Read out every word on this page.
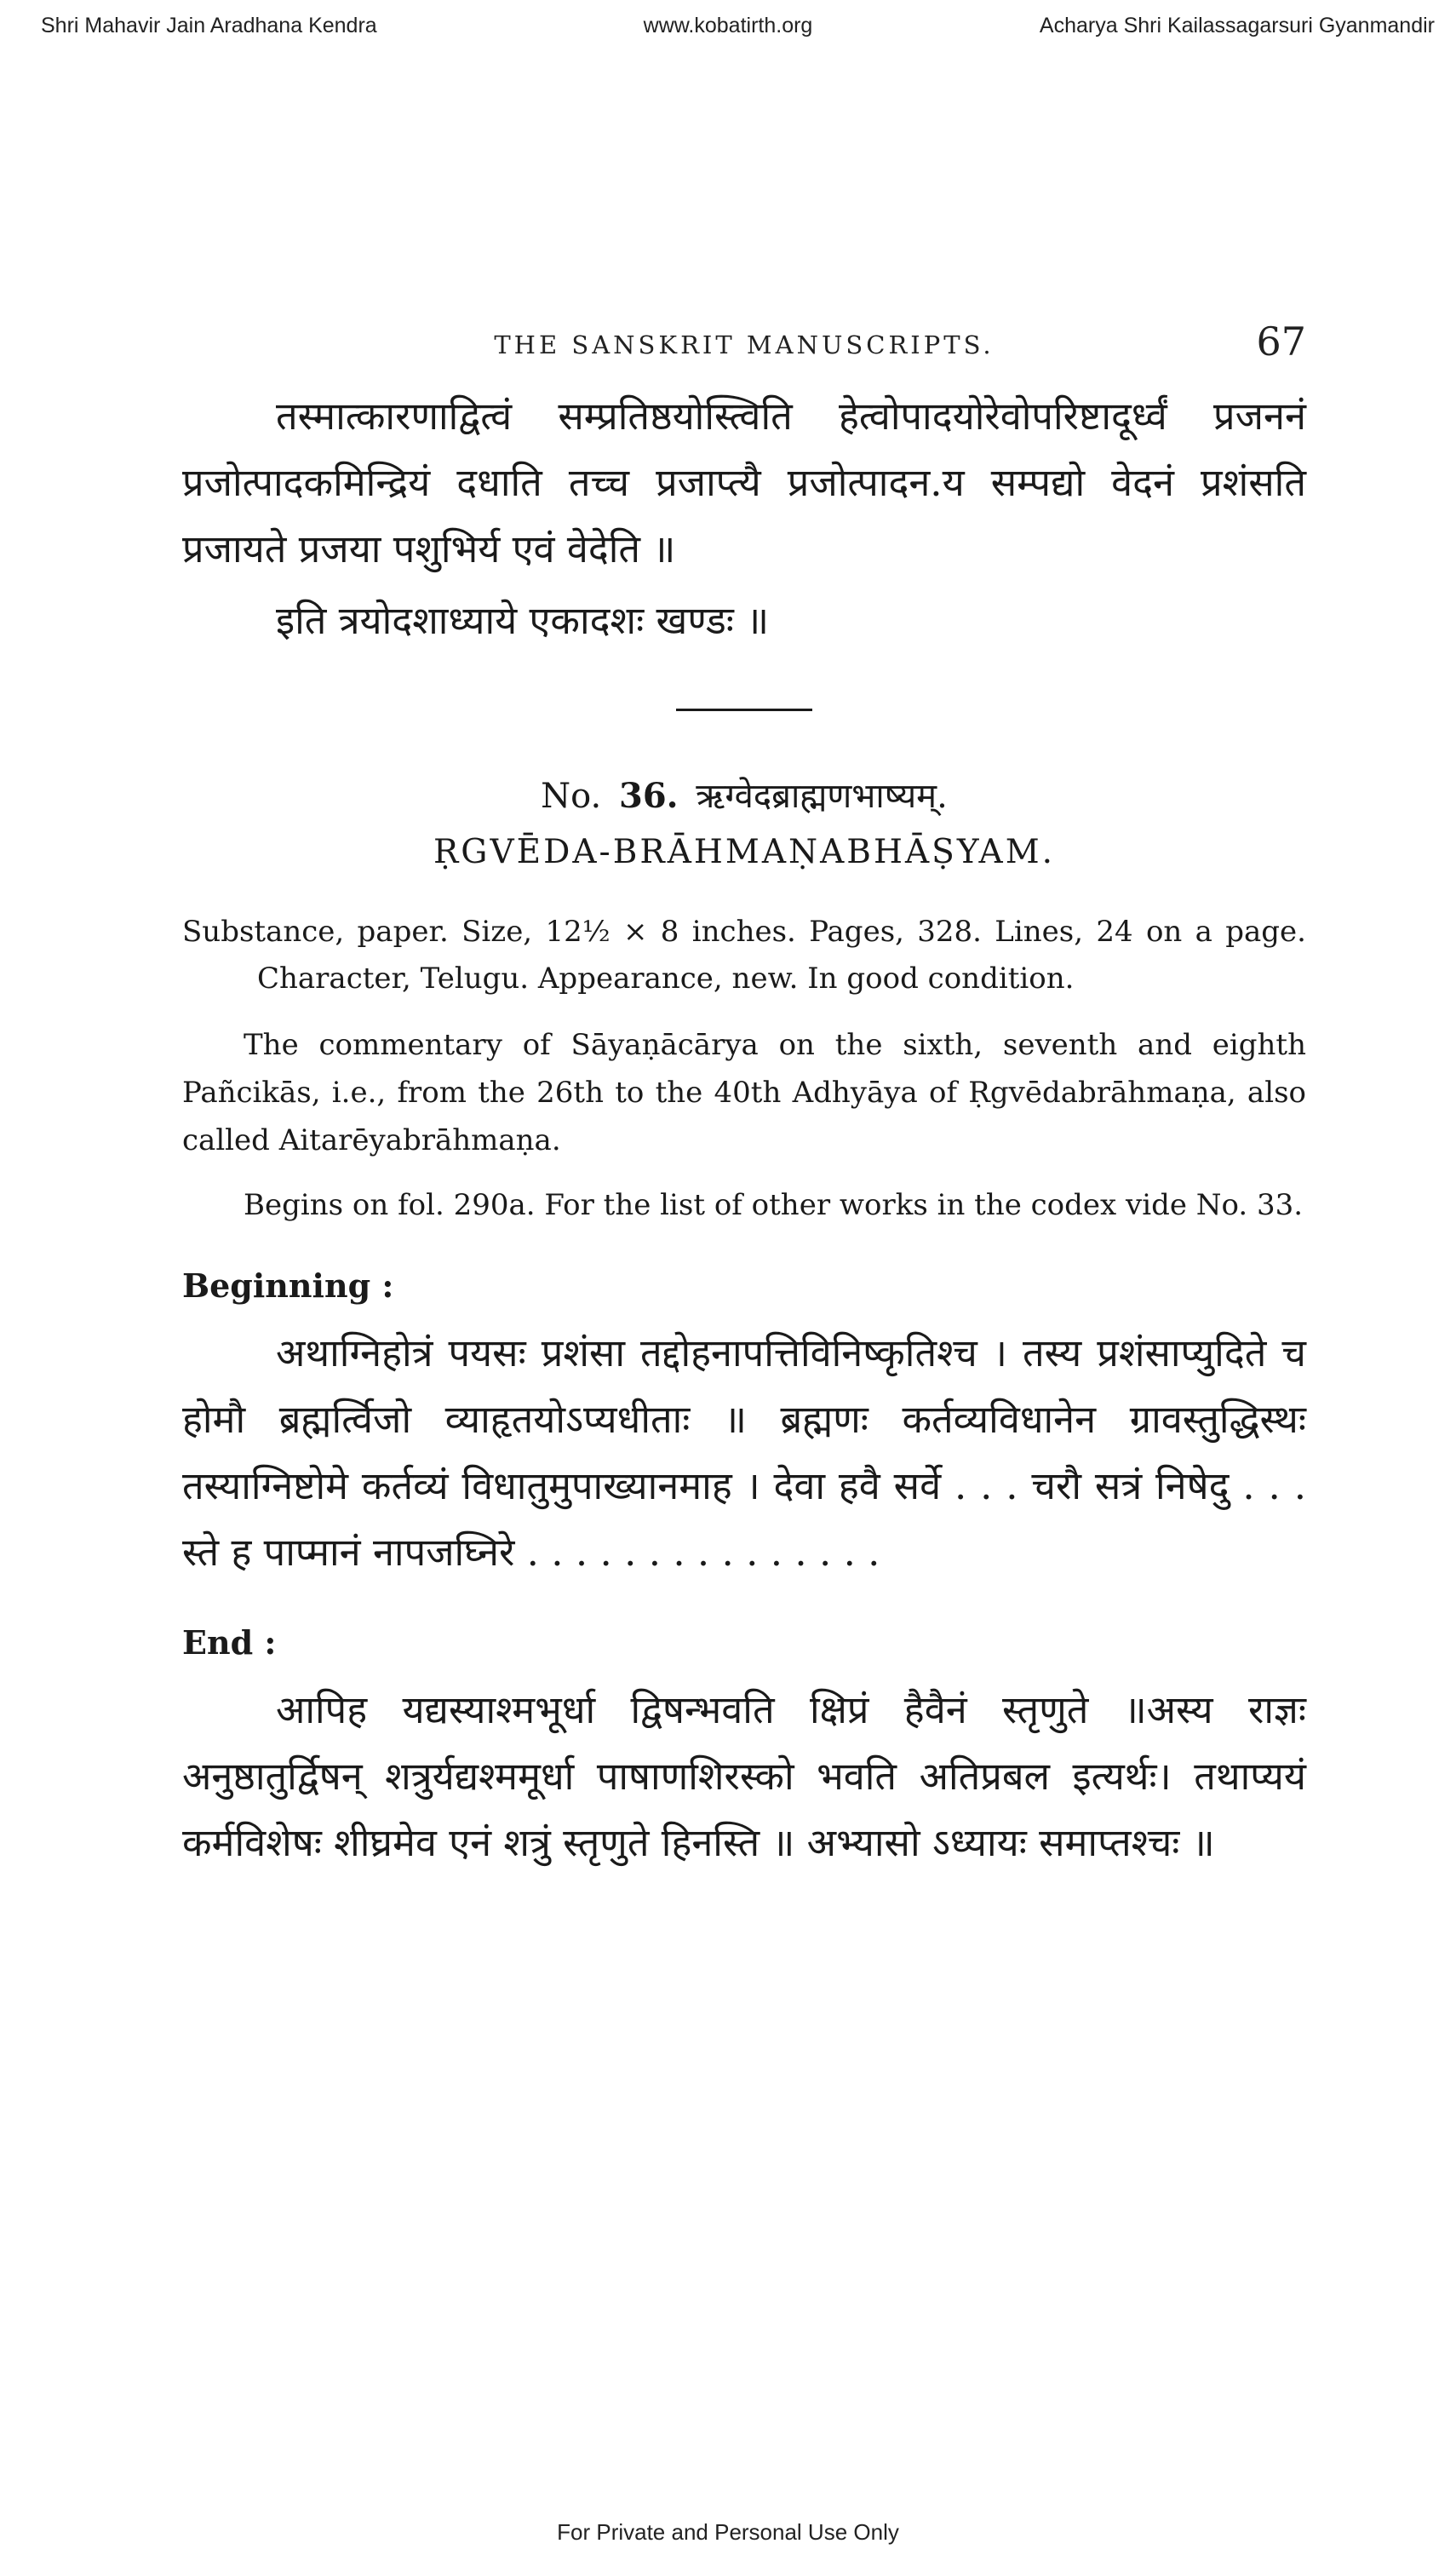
Shri Mahavir Jain Aradhana Kendra	www.kobatirth.org	Acharya Shri Kailassagarsuri Gyanmandir
THE SANSKRIT MANUSCRIPTS.	67

तस्मात्कारणाद्वित्वं सम्प्रतिष्ठयोस्त्विति हेत्वोपादयोरेवोपरिष्टादूर्ध्वं प्रजननं प्रजोत्पादकमिन्द्रियं दधाति तच्च प्रजाप्त्यै प्रजोत्पादन.य सम्पद्यो वेदनं प्रशंसति प्रजायते प्रजया पशुभिर्य एवं वेदेति ॥

इति त्रयोदशाध्याये एकादशः खण्डः ॥

No. 36. ऋग्वेदब्राह्मणभाष्यम्.
ṚGVĒDA-BRĀHMAṆABHĀṢYAM.

Substance, paper. Size, 12½ × 8 inches. Pages, 328. Lines, 24 on a page. Character, Telugu. Appearance, new. In good condition.

The commentary of Sāyaṇācārya on the sixth, seventh and eighth Pañcikās, i.e., from the 26th to the 40th Adhyāya of Ṛgvēdabrāhmaṇa, also called Aitarēyabrāhmaṇa.

Begins on fol. 290a. For the list of other works in the codex vide No. 33.

Beginning :

अथाग्निहोत्रं पयसः प्रशंसा तद्दोहनापत्तिविनिष्कृतिश्च । तस्य प्रशंसाप्युदिते च होमौ ब्रह्मर्त्विजो व्याहृतयोऽप्यधीताः ॥ ब्रह्मणः कर्तव्यविधानेन ग्रावस्तुद्धिस्थः तस्याग्निष्टोमे कर्तव्यं विधातुमुपाख्यानमाह । देवा हवै सर्वे . . . चरौ सत्रं निषेदु . . . स्ते ह पाप्मानं नापजघ्निरे . . . . . . . . . . . . . . .

End :

आपिह यद्यस्याश्मभूर्धा द्विषन्भवति क्षिप्रं हैवैनं स्तृणुते ॥अस्य राज्ञः अनुष्ठातुर्द्विषन् शत्रुर्यद्यश्ममूर्धा पाषाणशिरस्को भवति अतिप्रबल इत्यर्थः। तथाप्ययं कर्मविशेषः शीघ्रमेव एनं शत्रुं स्तृणुते हिनस्ति ॥ अभ्यासो ऽध्यायः समाप्तश्चः ॥

For Private and Personal Use Only
